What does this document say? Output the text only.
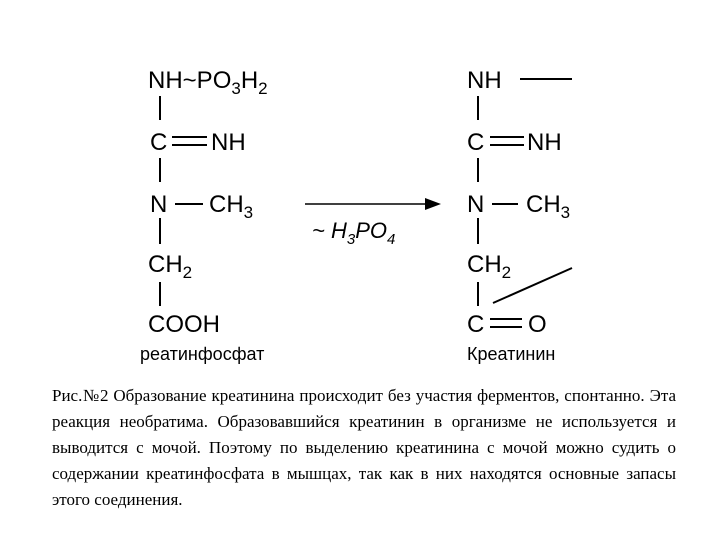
$NH\sim PO_3H_2$
C NH
N $CH_3$
$CH_2$
COOH
реатинфосфат
~ $H_3PO_4$
NH
C NH
N $CH_3$
$CH_2$
C O
Креатинин

Рис.№2 Образование креатинина происходит без участия ферментов, спонтанно. Эта реакция необратима. Образовавшийся креатинин в организме не используется и выводится с мочой. Поэтому по выделению креатинина с мочой можно судить о содержании креатинфосфата в мышцах, так как в них находятся основные запасы этого соединения.
